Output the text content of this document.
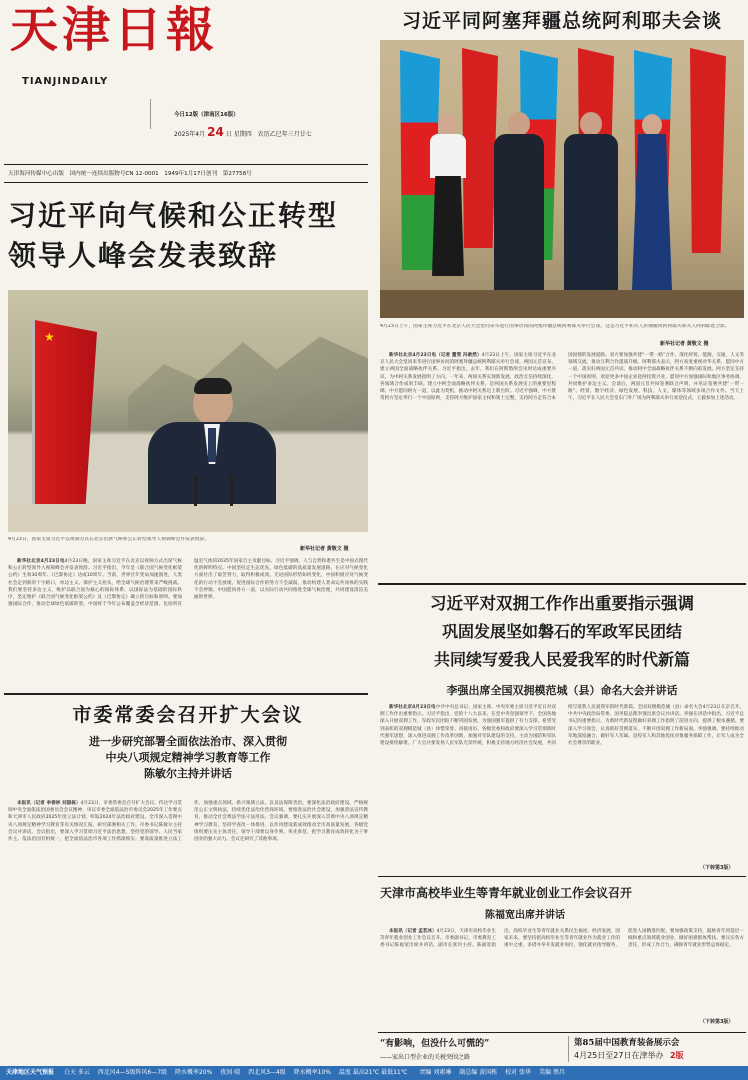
天津日報
TIANJINDAILY
今日12版（津南区16版）
2025年4月 24 日 星期四　 农历乙巳年三月廿七
天津海河传媒中心出版　国内统一连续出版物号CN 12-0001　1949年1月17日创刊　第27758号
习近平向气候和公正转型
领导人峰会发表致辞
★
4月23日，国家主席习近平以视频方式在北京出席气候和公正转型领导人视频峰会并发表致辞。
新华社记者 黄敬文 摄

新华社北京4月23日电4月23日晚，国家主席习近平在北京以视频方式出席气候和公正转型领导人视频峰会并发表致辞。习近平指出，今年是《联合国气候变化框架公约》生效30周年、《巴黎协定》达成10周年。当前，世界百年变局加速演进，人类社会走到新的十字路口，单边主义、保护主义抬头，给全球气候治理带来严峻挑战。我们要坚持多边主义，维护以联合国为核心的国际体系、以国际法为基础的国际秩序，坚定维护《联合国气候变化框架公约》及《巴黎协定》确立的目标和原则。要加强国际合作，推动全球绿色低碳转型。中国将于今年公布覆盖全经济范围、包括所有温室气体的2035年国家自主贡献目标。习近平强调，人与自然和谐共生是中国式现代化的鲜明特点。中国坚持走生态优先、绿色低碳的高质量发展道路，在应对气候变化方面付出了艰苦努力，取得积极成效。无论国际形势如何变化，中国积极应对气候变化的行动不会放缓，促进国际合作的努力不会减弱，推动构建人类命运共同体的实践不会停歇。中国愿同各方一道，以实际行动共同推进全球气候治理，共同建设清洁美丽的世界。

市委常委会召开扩大会议
进一步研究部署全面依法治市、深入贯彻
中央八项规定精神学习教育等工作
陈敏尔主持并讲话

本报讯（记者 李春林 刘国栋）4月23日，市委常委会召开扩大会议，传达学习贯彻中央全面依法治国委员会会议精神，审议市委全面依法治市委员会2025年工作要点和天津市人民政府2025年度立法计划，听取2024年法治政府建设、全市深入贯彻中央八项规定精神学习教育等有关情况汇报，研究部署相关工作。市委书记陈敏尔主持会议并讲话。会议指出，要深入学习贯彻习近平法治思想，坚持党的领导、人民当家作主、依法治国有机统一，把全面依法治市各项工作抓深抓实。要高质量推进立法工作，加强重点领域、新兴领域立法，以良法保障善治。要深化法治政府建设，严格规范公正文明执法，持续优化法治化营商环境。要推进法治社会建设，加强普法宣传教育，推动全社会尊法学法守法用法。会议强调，要扎实开展深入贯彻中央八项规定精神学习教育，坚持学查改一体推进，以作风建设新成效推动全市高质量发展。各级党组织要压实主体责任，领导干部要以身作则、率先垂范，把学习教育成效转化为干事创业的强大动力。会议还研究了其他事项。

习近平同阿塞拜疆总统阿利耶夫会谈
4月23日上午，国家主席习近平在北京人民大会堂同来华进行国事访问的阿塞拜疆总统阿利耶夫举行会谈。这是习近平和夫人彭丽媛同阿利耶夫和夫人阿利耶娃合影。
新华社记者 黄敬文 摄

新华社北京4月23日电（记者 董雪 冯歆然）4月23日上午，国家主席习近平在北京人民大会堂同来华进行国事访问的阿塞拜疆总统阿利耶夫举行会谈。两国元首宣布，建立两国全面战略伙伴关系。习近平指出，去年，我们在阿斯塔纳会见时达成重要共识，为中阿关系发展指明了方向。一年来，两国关系实现新发展，政治互信持续深化，各领域合作成果丰硕。建立中阿全面战略伙伴关系，是两国关系发展史上的重要里程碑。中方愿同阿方一道，以此为契机，推动中阿关系迈上新台阶。习近平强调，中方赞赏阿方坚定奉行一个中国原则，支持阿方维护国家主权和领土完整，支持阿方走符合本国国情的发展道路。双方要加强共建“一带一路”合作，深化经贸、能源、交通、人文等领域交流，推动互利合作提质升级。阿利耶夫表示，阿方高度重视对华关系，愿同中方一道，落实好两国元首共识，推动阿中全面战略伙伴关系不断向前发展。阿方坚定支持一个中国原则，欢迎更多中国企业赴阿投资兴业，愿同中方加强国际和地区事务协调，共同维护多边主义。会谈后，两国元首共同签署联合声明，并见证签署共建“一带一路”、经贸、数字经济、绿色发展、科技、人文、媒体等领域多项合作文件。当天上午，习近平在人民大会堂东门外广场为阿利耶夫举行欢迎仪式。王毅参加上述活动。

习近平对双拥工作作出重要指示强调
巩固发展坚如磐石的军政军民团结
共同续写爱我人民爱我军的时代新篇
李强出席全国双拥模范城（县）命名大会并讲话

新华社北京4月23日电中共中央总书记、国家主席、中央军委主席习近平近日对双拥工作作出重要指示。习近平指出，党的十八大以来，在党中央坚强领导下，全国各地深入开展双拥工作，军政军民团结不断巩固发展，为强国强军提供了有力支撑。希望受到表彰的双拥模范城（县）珍惜荣誉、再接再厉。各级党委和政府要深入学习贯彻新时代强军思想，深入推进双拥工作改革创新，加强对军队建设的支持，主动为国防和军队建设排忧解难。广大官兵要发扬人民军队光荣传统，积极支持地方经济社会发展，共同续写爱我人民爱我军的时代新篇。全国双拥模范城（县）命名大会4月23日在京召开。中共中央政治局常委、国务院总理李强出席会议并讲话。李强在讲话中指出，习近平总书记的重要指示，为新时代新征程做好双拥工作指明了前进方向、提供了根本遵循。要深入学习领会，认真抓好贯彻落实，不断开创双拥工作新局面。李强强调，要持续推动军地深度融合，做好军人军属、退役军人和其他优抚对象服务保障工作，让军人成为全社会尊崇的职业。

（下转第3版）
天津市高校毕业生等青年就业创业工作会议召开
陈福宽出席并讲话

本报讯（记者 孟若冰）4月23日，天津市高校毕业生等青年就业创业工作会议召开。市委副书记、市委教育工委书记陈福宽出席并讲话，副市长张玲主持。陈福宽指出，高校毕业生等青年就业关系民生福祉、经济发展、国家未来。要坚持把高校毕业生等青年就业作为就业工作的重中之重，多措并举开发就业岗位，强化就业指导服务，促进人岗精准匹配。要加强政策支持，鼓励青年到基层一线和重点领域就业创业，做好困难群体帮扶。要压实各方责任，形成工作合力，确保青年就业形势总体稳定。

（下转第3版）
“有影响，但没什么可慌的”
——家出口型企业的关税突围之路
第85届中国教育装备展示会
4月25日至27日在津举办 2版
天津地区天气预报 白天 多云 西北风4—5级阵风6—7级 降水概率20% 夜间 晴 西北风3—4级 降水概率10% 温度 最高21℃ 最低11℃ 责编 刘素琳 副总编 黄国栋 校对 张华 美编 蔡昌
